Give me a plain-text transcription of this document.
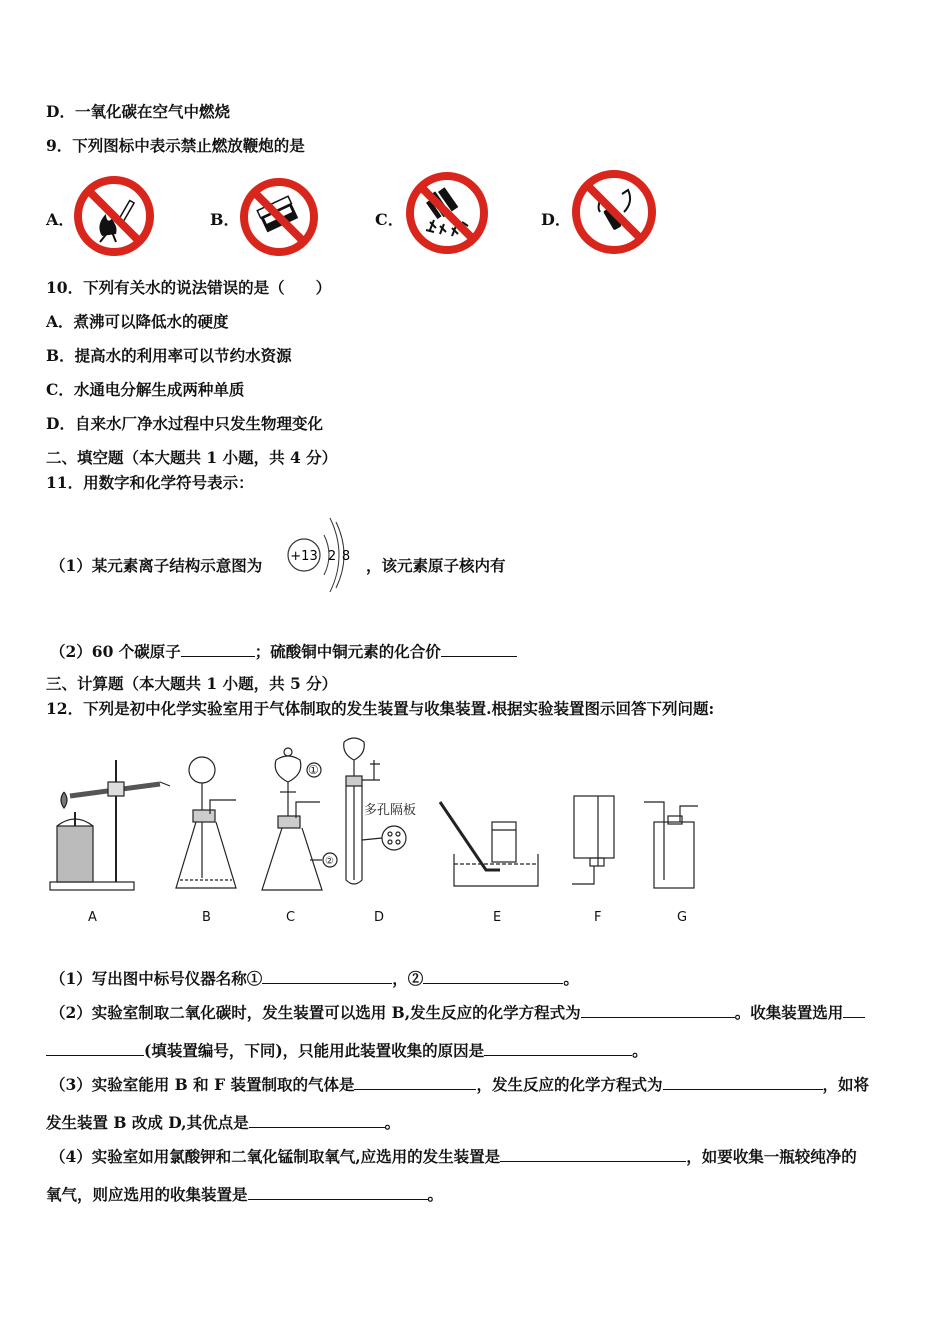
D．一氧化碳在空气中燃烧
9．下列图标中表示禁止燃放鞭炮的是
A．	B．	C．	D．
10．下列有关水的说法错误的是（　　）
A．煮沸可以降低水的硬度
B．提高水的利用率可以节约水资源
C．水通电分解生成两种单质
D．自来水厂净水过程中只发生物理变化
二、填空题（本大题共 1 小题，共 4 分）
11．用数字和化学符号表示：
（1）某元素离子结构示意图为 +13 2 8 ，该元素原子核内有
（2）60 个碳原子	；硫酸铜中铜元素的化合价
三、计算题（本大题共 1 小题，共 5 分）
12．下列是初中化学实验室用于气体制取的发生装置与收集装置.根据实验装置图示回答下列问题:
①
②
多孔隔板
A	B	C	D	E	F	G
（1）写出图中标号仪器名称①	，②	。
（2）实验室制取二氧化碳时，发生装置可以选用 B,发生反应的化学方程式为	。收集装置选用
(填装置编号，下同)，只能用此装置收集的原因是	。
（3）实验室能用 B 和 F 装置制取的气体是	，发生反应的化学方程式为	，如将
发生装置 B 改成 D,其优点是	。
（4）实验室如用氯酸钾和二氧化锰制取氧气,应选用的发生装置是	，如要收集一瓶较纯净的
氧气，则应选用的收集装置是	。
